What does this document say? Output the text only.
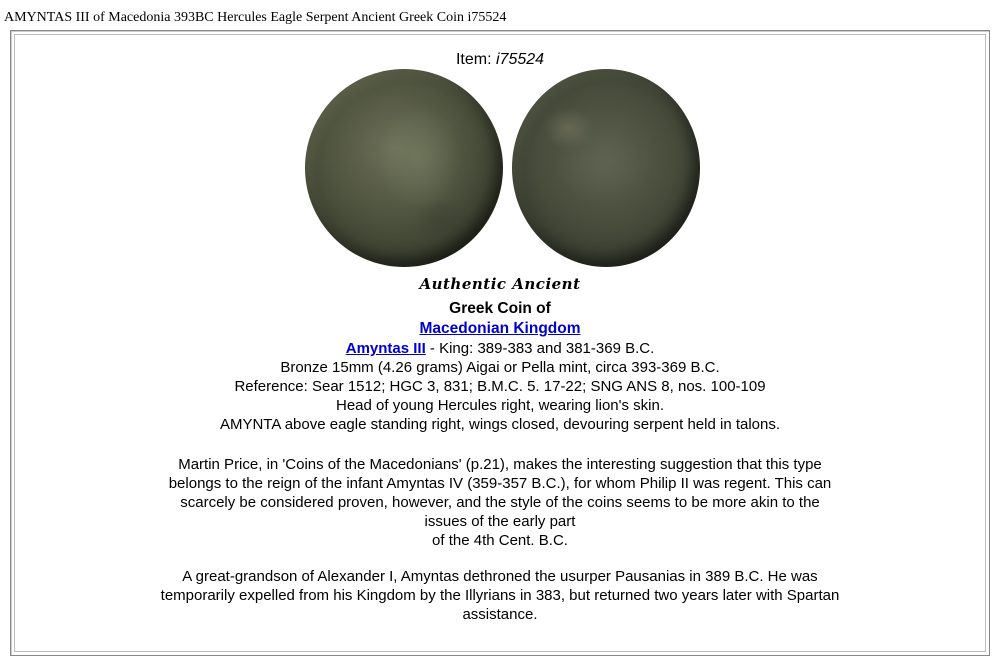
AMYNTAS III of Macedonia 393BC Hercules Eagle Serpent Ancient Greek Coin i75524
Item: i75524
Authentic Ancient
Greek Coin of
Macedonian Kingdom
Amyntas III - King: 389-383 and 381-369 B.C.
Bronze 15mm (4.26 grams) Aigai or Pella mint, circa 393-369 B.C.
Reference: Sear 1512; HGC 3, 831; B.M.C. 5. 17-22; SNG ANS 8, nos. 100-109
Head of young Hercules right, wearing lion's skin.
AMYNTA above eagle standing right, wings closed, devouring serpent held in talons.
Martin Price, in 'Coins of the Macedonians' (p.21), makes the interesting suggestion that this type
belongs to the reign of the infant Amyntas IV (359-357 B.C.), for whom Philip II was regent. This can
scarcely be considered proven, however, and the style of the coins seems to be more akin to the
issues of the early part
of the 4th Cent. B.C.
A great-grandson of Alexander I, Amyntas dethroned the usurper Pausanias in 389 B.C. He was
temporarily expelled from his Kingdom by the Illyrians in 383, but returned two years later with Spartan
assistance.
